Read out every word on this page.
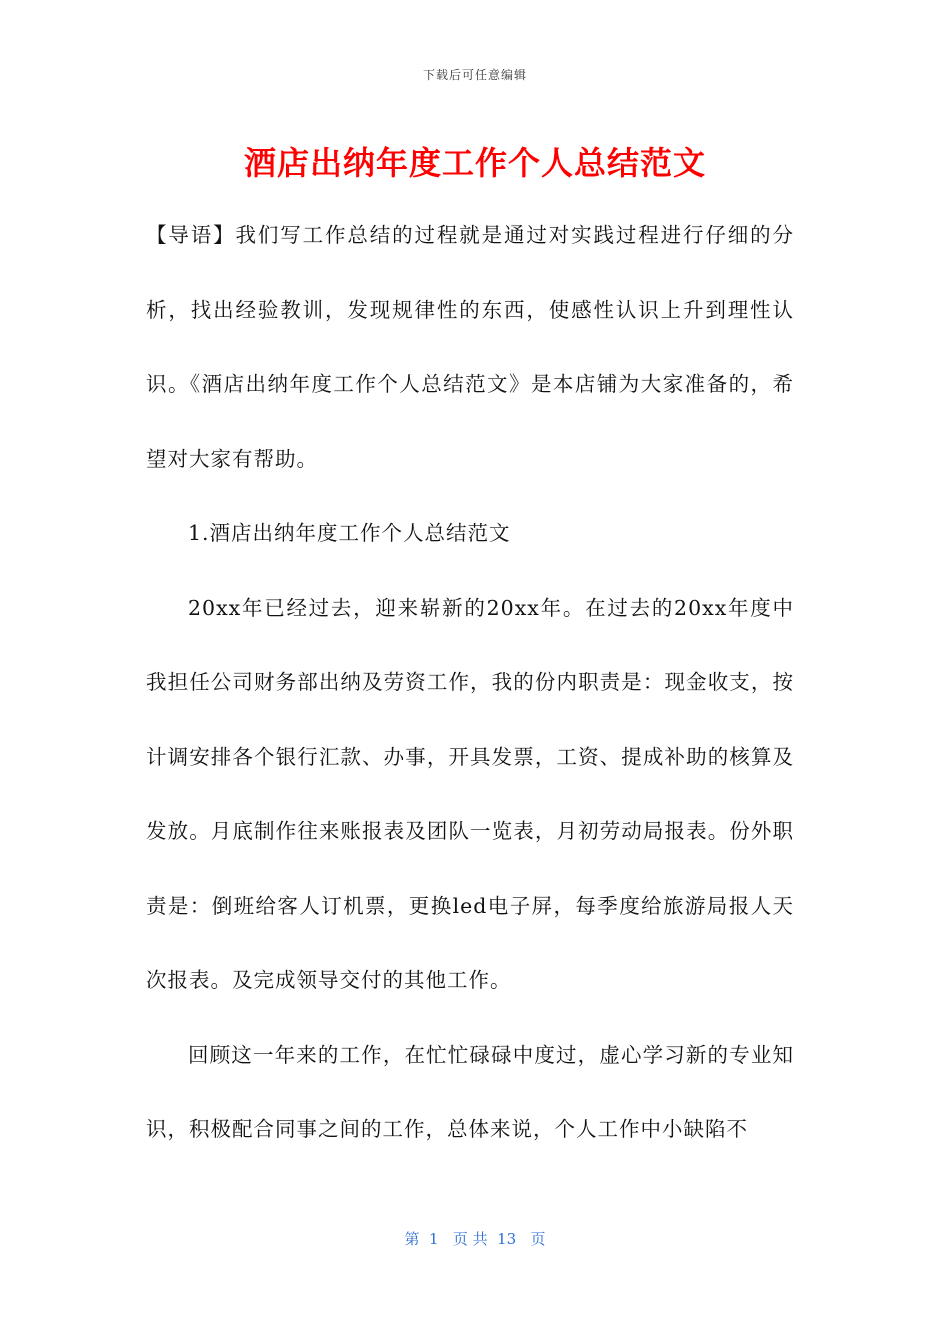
下载后可任意编辑
酒店出纳年度工作个人总结范文

【导语】我们写工作总结的过程就是通过对实践过程进行仔细的分析，找出经验教训，发现规律性的东西，使感性认识上升到理性认识。《酒店出纳年度工作个人总结范文》是本店铺为大家准备的，希望对大家有帮助。

1.酒店出纳年度工作个人总结范文

20xx年已经过去，迎来崭新的20xx年。在过去的20xx年度中我担任公司财务部出纳及劳资工作，我的份内职责是：现金收支，按计调安排各个银行汇款、办事，开具发票，工资、提成补助的核算及发放。月底制作往来账报表及团队一览表，月初劳动局报表。份外职责是：倒班给客人订机票，更换led电子屏，每季度给旅游局报人天次报表。及完成领导交付的其他工作。

回顾这一年来的工作，在忙忙碌碌中度过，虚心学习新的专业知识，积极配合同事之间的工作，总体来说，个人工作中小缺陷不

第  1   页 共  13   页
